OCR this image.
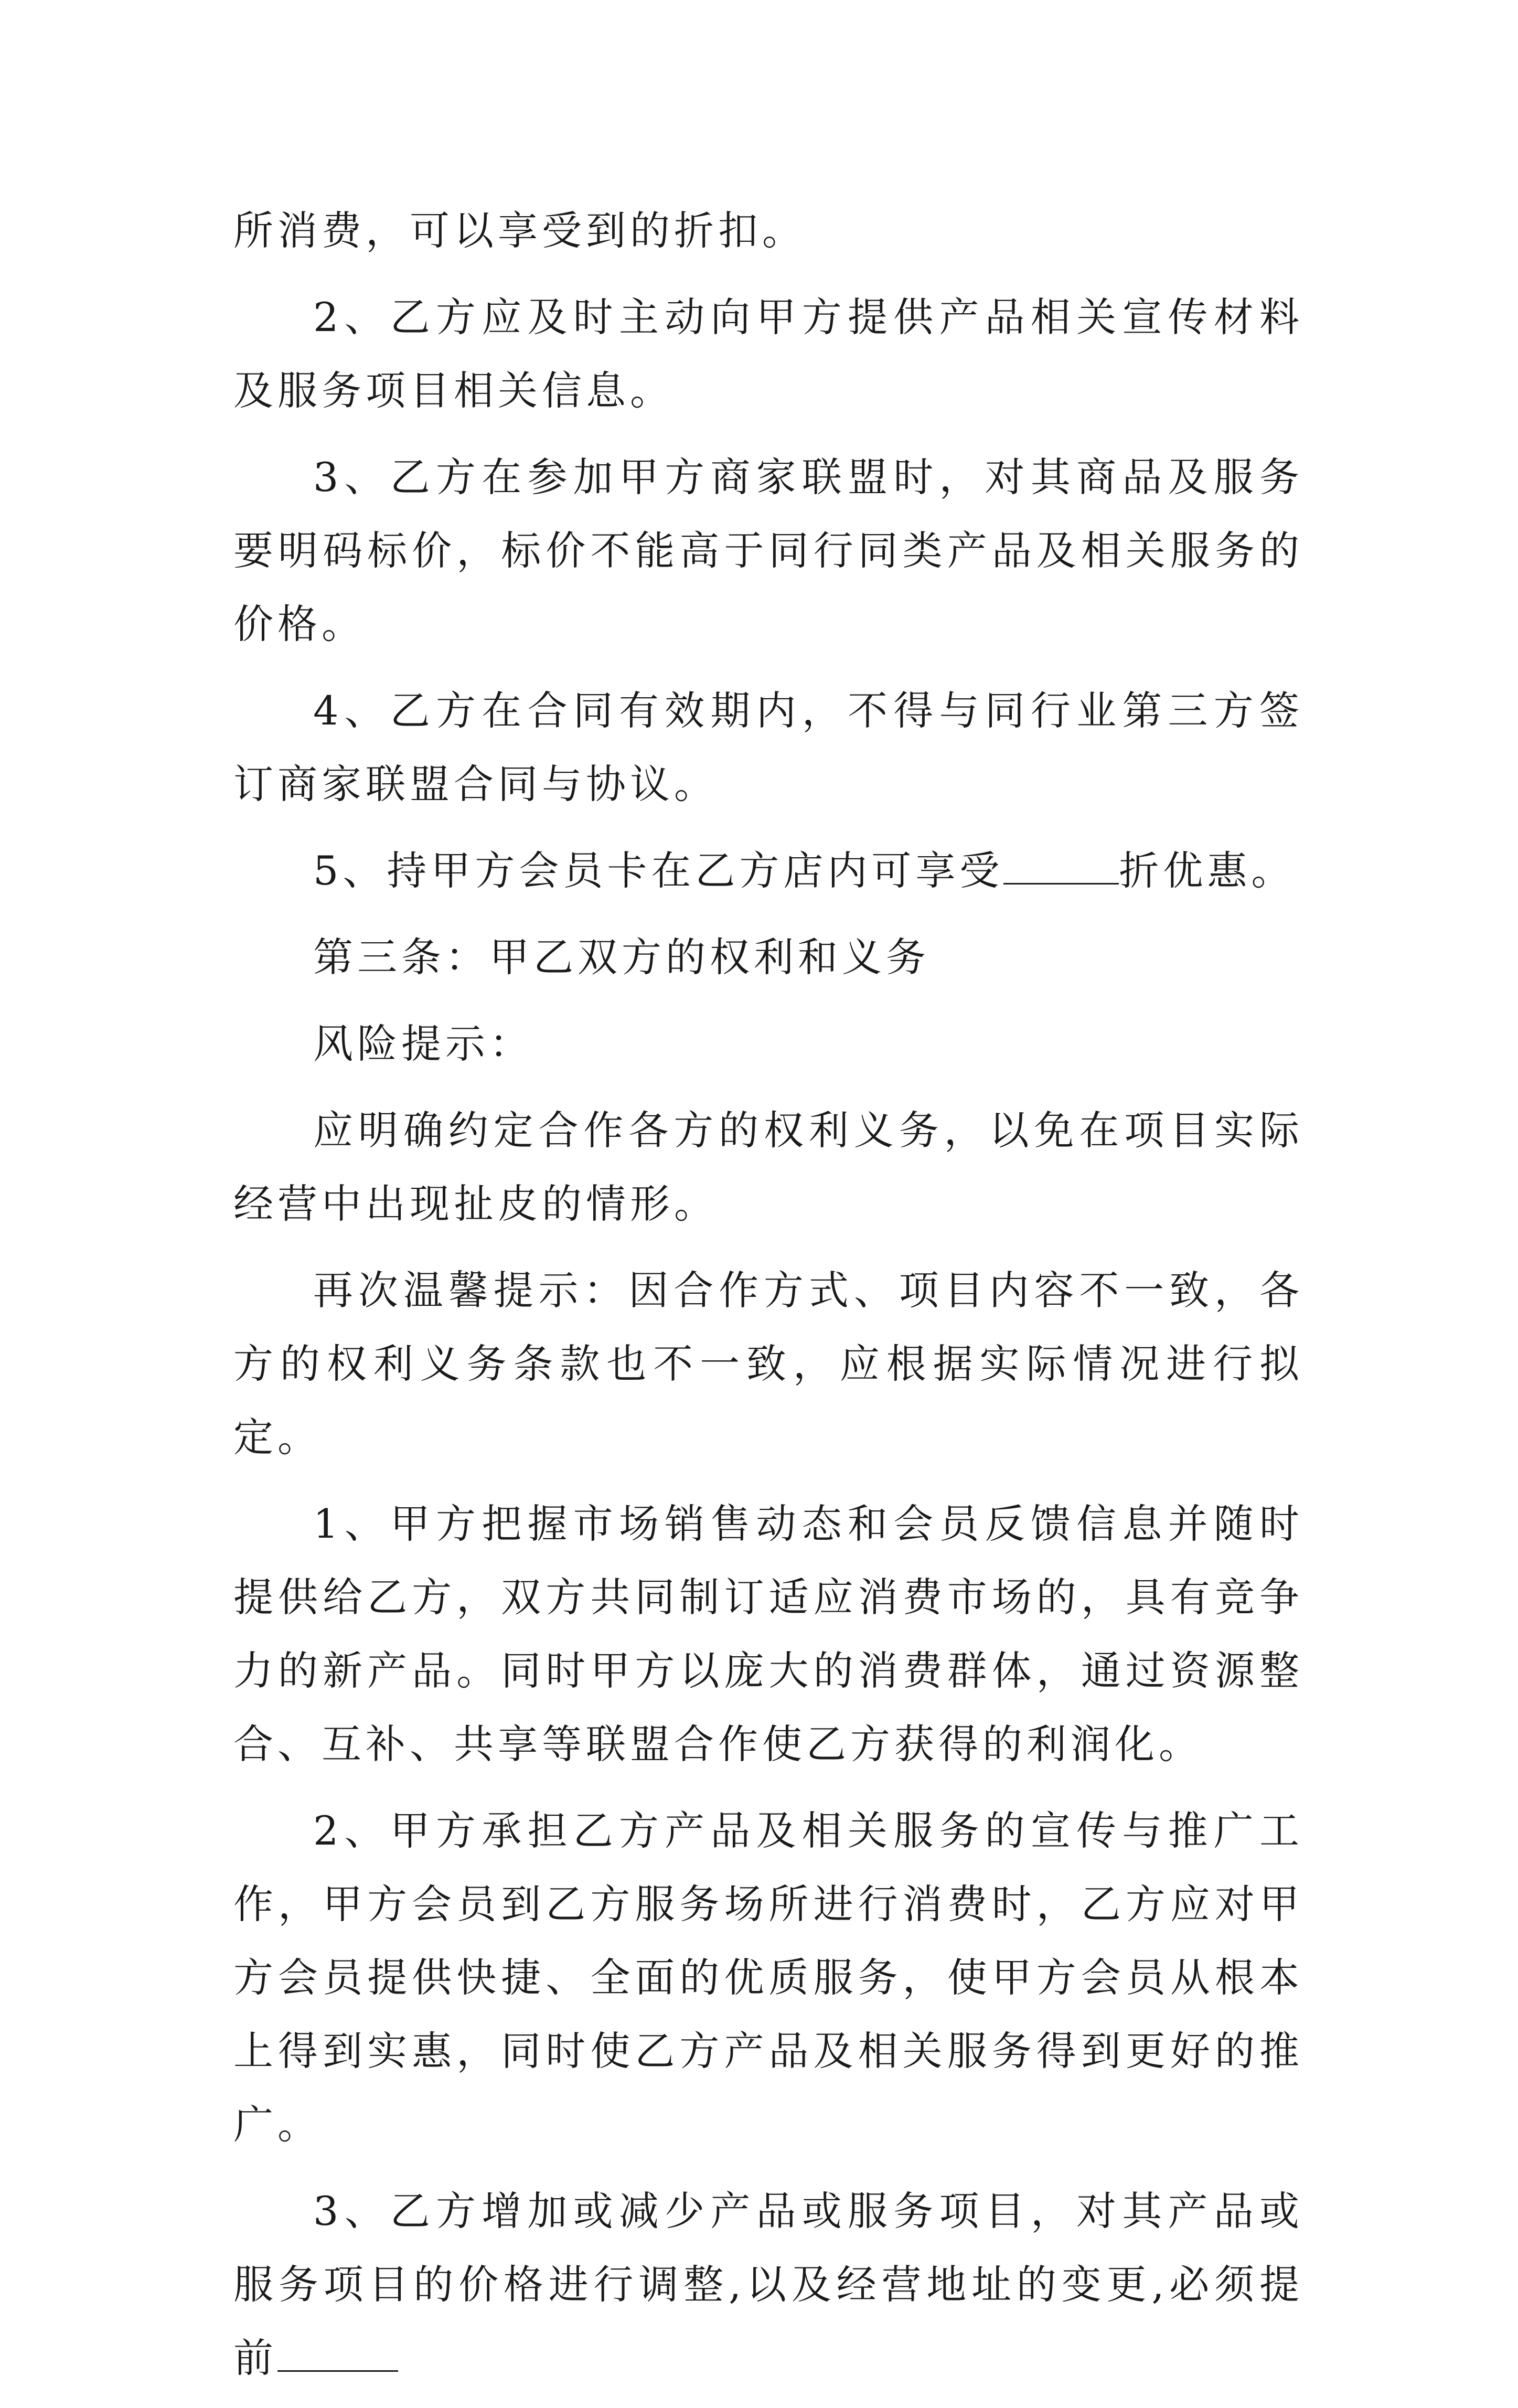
所消费，可以享受到的折扣。

2、乙方应及时主动向甲方提供产品相关宣传材料及服务项目相关信息。

3、乙方在参加甲方商家联盟时，对其商品及服务要明码标价，标价不能高于同行同类产品及相关服务的价格。

4、乙方在合同有效期内，不得与同行业第三方签订商家联盟合同与协议。

5、持甲方会员卡在乙方店内可享受	折优惠。

第三条：甲乙双方的权利和义务

风险提示：

应明确约定合作各方的权利义务，以免在项目实际经营中出现扯皮的情形。

再次温馨提示：因合作方式、项目内容不一致，各方的权利义务条款也不一致，应根据实际情况进行拟定。

1、甲方把握市场销售动态和会员反馈信息并随时提供给乙方，双方共同制订适应消费市场的，具有竞争力的新产品。同时甲方以庞大的消费群体，通过资源整合、互补、共享等联盟合作使乙方获得的利润化。

2、甲方承担乙方产品及相关服务的宣传与推广工作，甲方会员到乙方服务场所进行消费时，乙方应对甲方会员提供快捷、全面的优质服务，使甲方会员从根本上得到实惠，同时使乙方产品及相关服务得到更好的推广。

3、乙方增加或减少产品或服务项目，对其产品或服务项目的价格进行调整,以及经营地址的变更,必须提前
